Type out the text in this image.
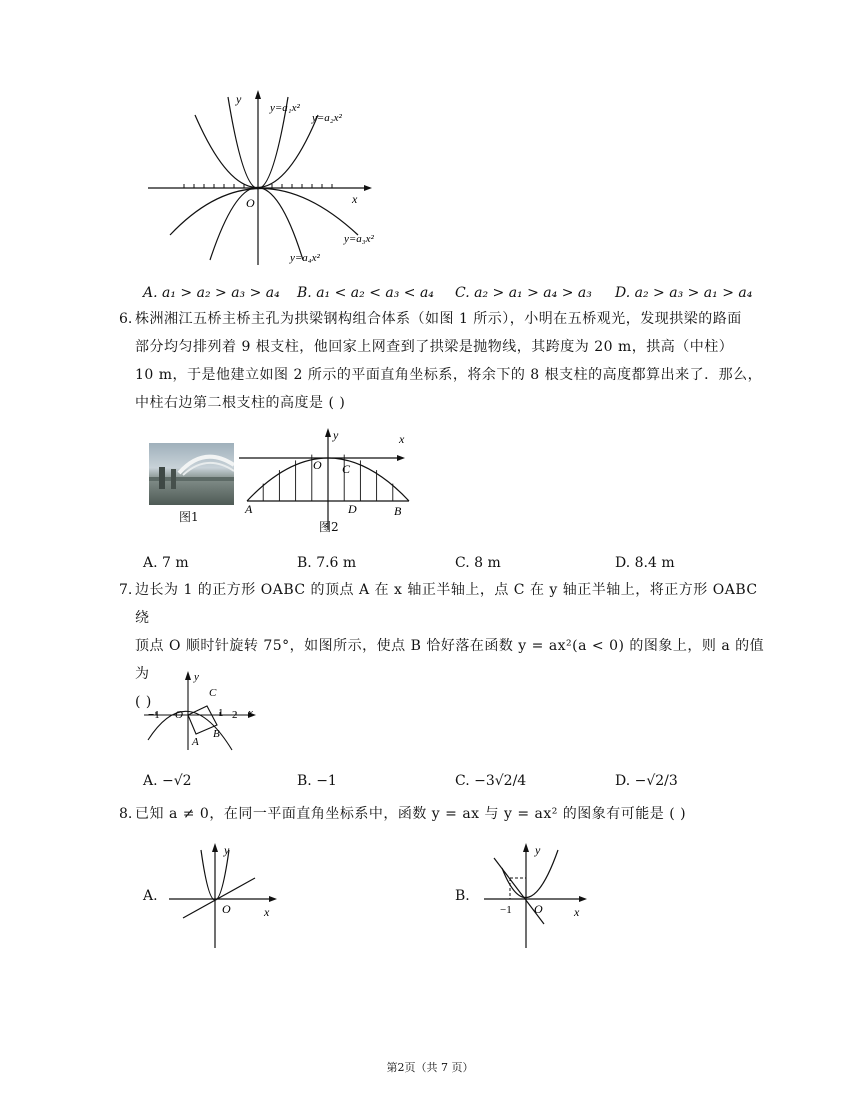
y
x
O
y=a₁x²
y=a₂x²
y=a₃x²
y=a₄x²
A. a₁ > a₂ > a₃ > a₄ B. a₁ < a₂ < a₃ < a₄ C. a₂ > a₁ > a₄ > a₃ D. a₂ > a₃ > a₁ > a₄
6. 株洲湘江五桥主桥主孔为拱梁钢构组合体系（如图 1 所示），小明在五桥观光，发现拱梁的路面
部分均匀排列着 9 根支柱，他回家上网查到了拱梁是抛物线，其跨度为 20 m，拱高（中柱）
10 m，于是他建立如图 2 所示的平面直角坐标系，将余下的 8 根支柱的高度都算出来了．那么，
中柱右边第二根支柱的高度是 ( )
图1
y	x
O C
A	D	B
图2
A. 7 m	B. 7.6 m	C. 8 m	D. 8.4 m
7. 边长为 1 的正方形 OABC 的顶点 A 在 x 轴正半轴上，点 C 在 y 轴正半轴上，将正方形 OABC 绕
顶点 O 顺时针旋转 75°，如图所示，使点 B 恰好落在函数 y = ax²(a < 0) 的图象上，则 a 的值为
( )
y
x
O
−1	1 2
C
A
B
A. −√2	B. −1	C. −3√2/4	D. −√2/3
8. 已知 a ≠ 0，在同一平面直角坐标系中，函数 y = ax 与 y = ax² 的图象有可能是 ( )
A.
y
x
O
B.
y
x
O
−1
第2页（共 7 页）
